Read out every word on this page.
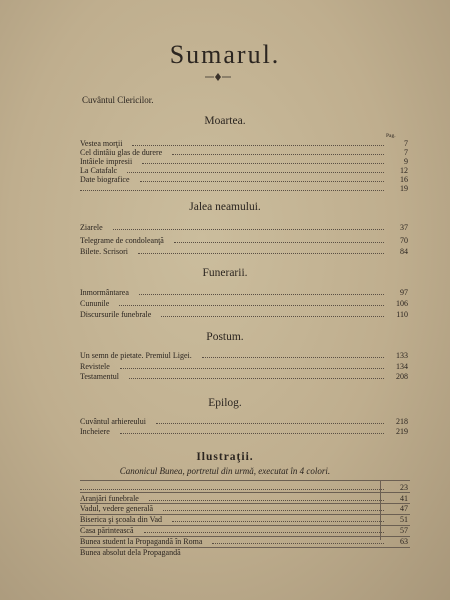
Sumarul.
Cuvântul Clericilor.
Moartea.
Pag.
Vestea morţii	7
Cel dintâiu glas de durere	7
Intâiele impresii	9
La Catafalc	12
Date biografice	16
19
Jalea neamului.
Ziarele	37
Telegrame de condoleanţă	70
Bilete. Scrisori	84
Funerarii.
Inmormântarea	97
Cununile	106
Discursurile funebrale	110
Postum.
Un semn de pietate. Premiul Ligei.	133
Revistele	134
Testamentul	208
Epilog.
Cuvântul arhiereului	218
Incheiere	219
Ilustraţii.
Canonicul Bunea, portretul din urmă, executat în 4 colori.
23
Aranjări funebrale	41
Vadul, vedere generală	47
Biserica şi şcoala din Vad	51
Casa părintească	57
Bunea student la Propagandă în Roma	63
Bunea absolut dela Propagandă
